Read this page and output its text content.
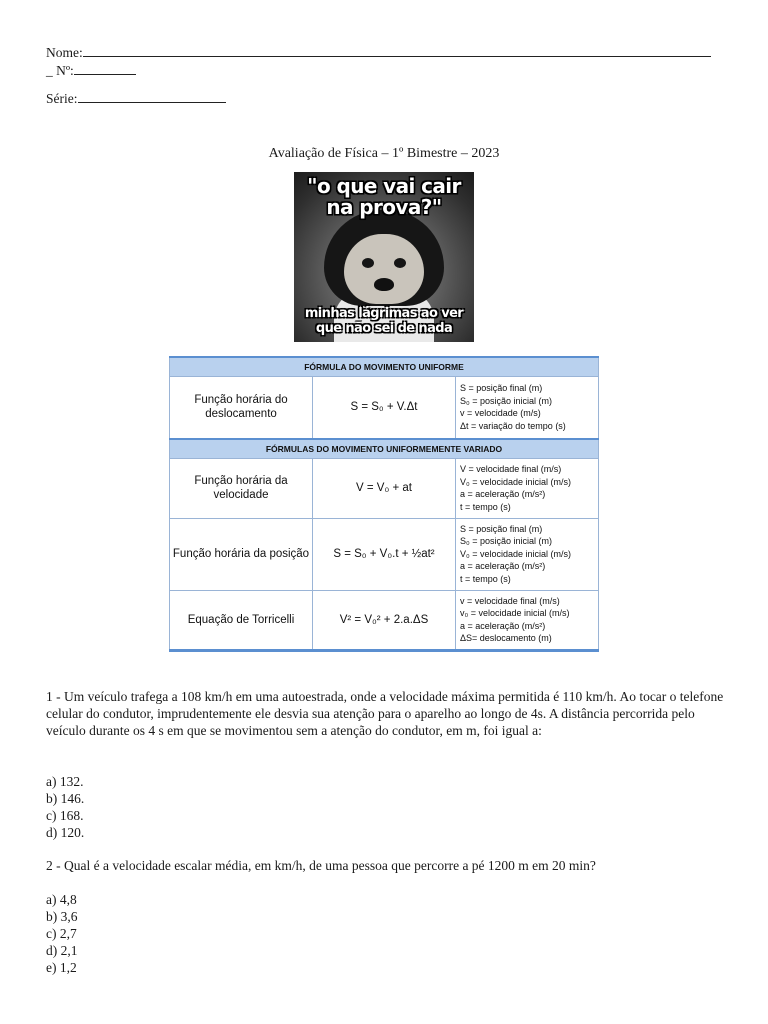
Nome:
_ Nº:
Série:
Avaliação de Física – 1º Bimestre – 2023
"o que vai cair na prova?"
minhas lágrimas ao ver que não sei de nada
FÓRMULA DO MOVIMENTO UNIFORME		
Função horária do deslocamento	S = S₀ + V.Δt	S = posição final (m)
S₀ = posição inicial (m)
v = velocidade (m/s)
Δt = variação do tempo (s)

FÓRMULAS DO MOVIMENTO UNIFORMEMENTE VARIADO		
Função horária da velocidade	V = V₀ + at	V = velocidade final (m/s)
V₀ = velocidade inicial (m/s)
a = aceleração (m/s²)
t = tempo (s)

Função horária da posição	S = S₀ + V₀.t + ½at²	S = posição final (m)
S₀ = posição inicial (m)
V₀ = velocidade inicial (m/s)
a = aceleração (m/s²)
t = tempo (s)

Equação de Torricelli	V² = V₀² + 2.a.ΔS	v = velocidade final (m/s)
v₀ = velocidade inicial (m/s)
a = aceleração (m/s²)
ΔS= deslocamento (m)
1 - Um veículo trafega a 108 km/h em uma autoestrada, onde a velocidade máxima permitida é 110 km/h. Ao tocar o telefone celular do condutor, imprudentemente ele desvia sua atenção para o aparelho ao longo de 4s. A distância percorrida pelo veículo durante os 4 s em que se movimentou sem a atenção do condutor, em m, foi igual a:
a) 132.
b) 146.
c) 168.
d) 120.
2 - Qual é a velocidade escalar média, em km/h, de uma pessoa que percorre a pé 1200 m em 20 min?
a) 4,8
b) 3,6
c) 2,7
d) 2,1
e) 1,2
